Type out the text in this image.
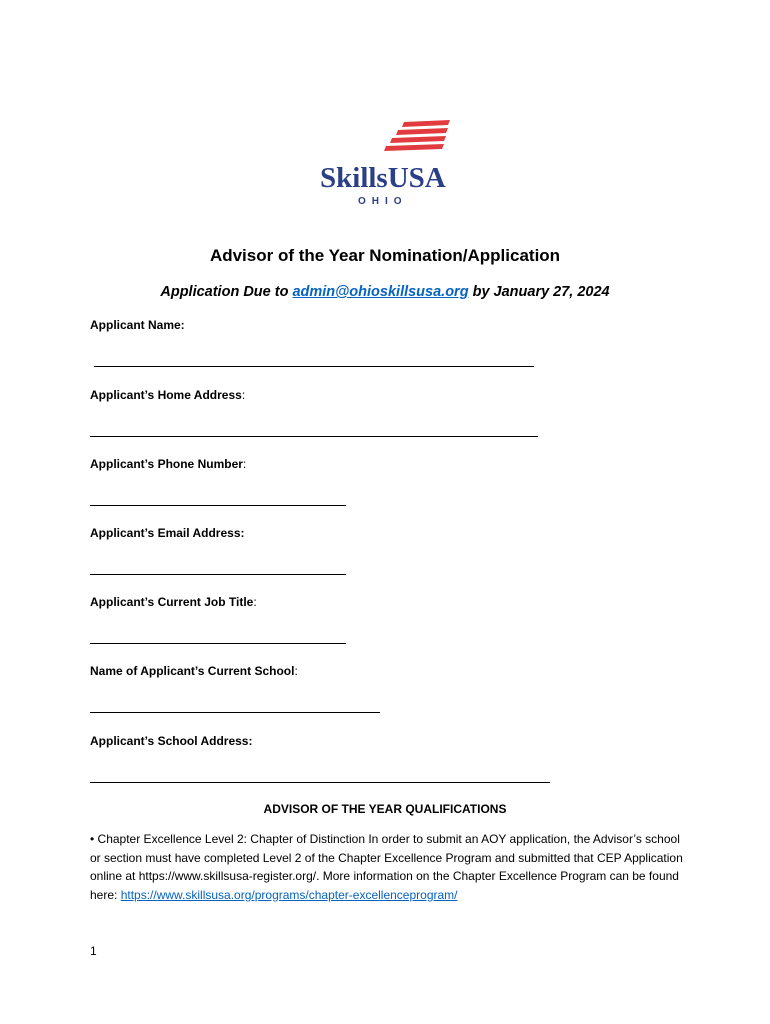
SkillsUSA
OHIO
Advisor of the Year Nomination/Application
Application Due to admin@ohioskillsusa.org by January 27, 2024
Applicant Name:
Applicant’s Home Address:
Applicant’s Phone Number:
Applicant’s Email Address:
Applicant’s Current Job Title:
Name of Applicant’s Current School:
Applicant’s School Address:
ADVISOR OF THE YEAR QUALIFICATIONS
• Chapter Excellence Level 2: Chapter of Distinction In order to submit an AOY application, the Advisor’s school or section must have completed Level 2 of the Chapter Excellence Program and submitted that CEP Application online at https://www.skillsusa-register.org/. More information on the Chapter Excellence Program can be found here: https://www.skillsusa.org/programs/chapter-excellenceprogram/
1
